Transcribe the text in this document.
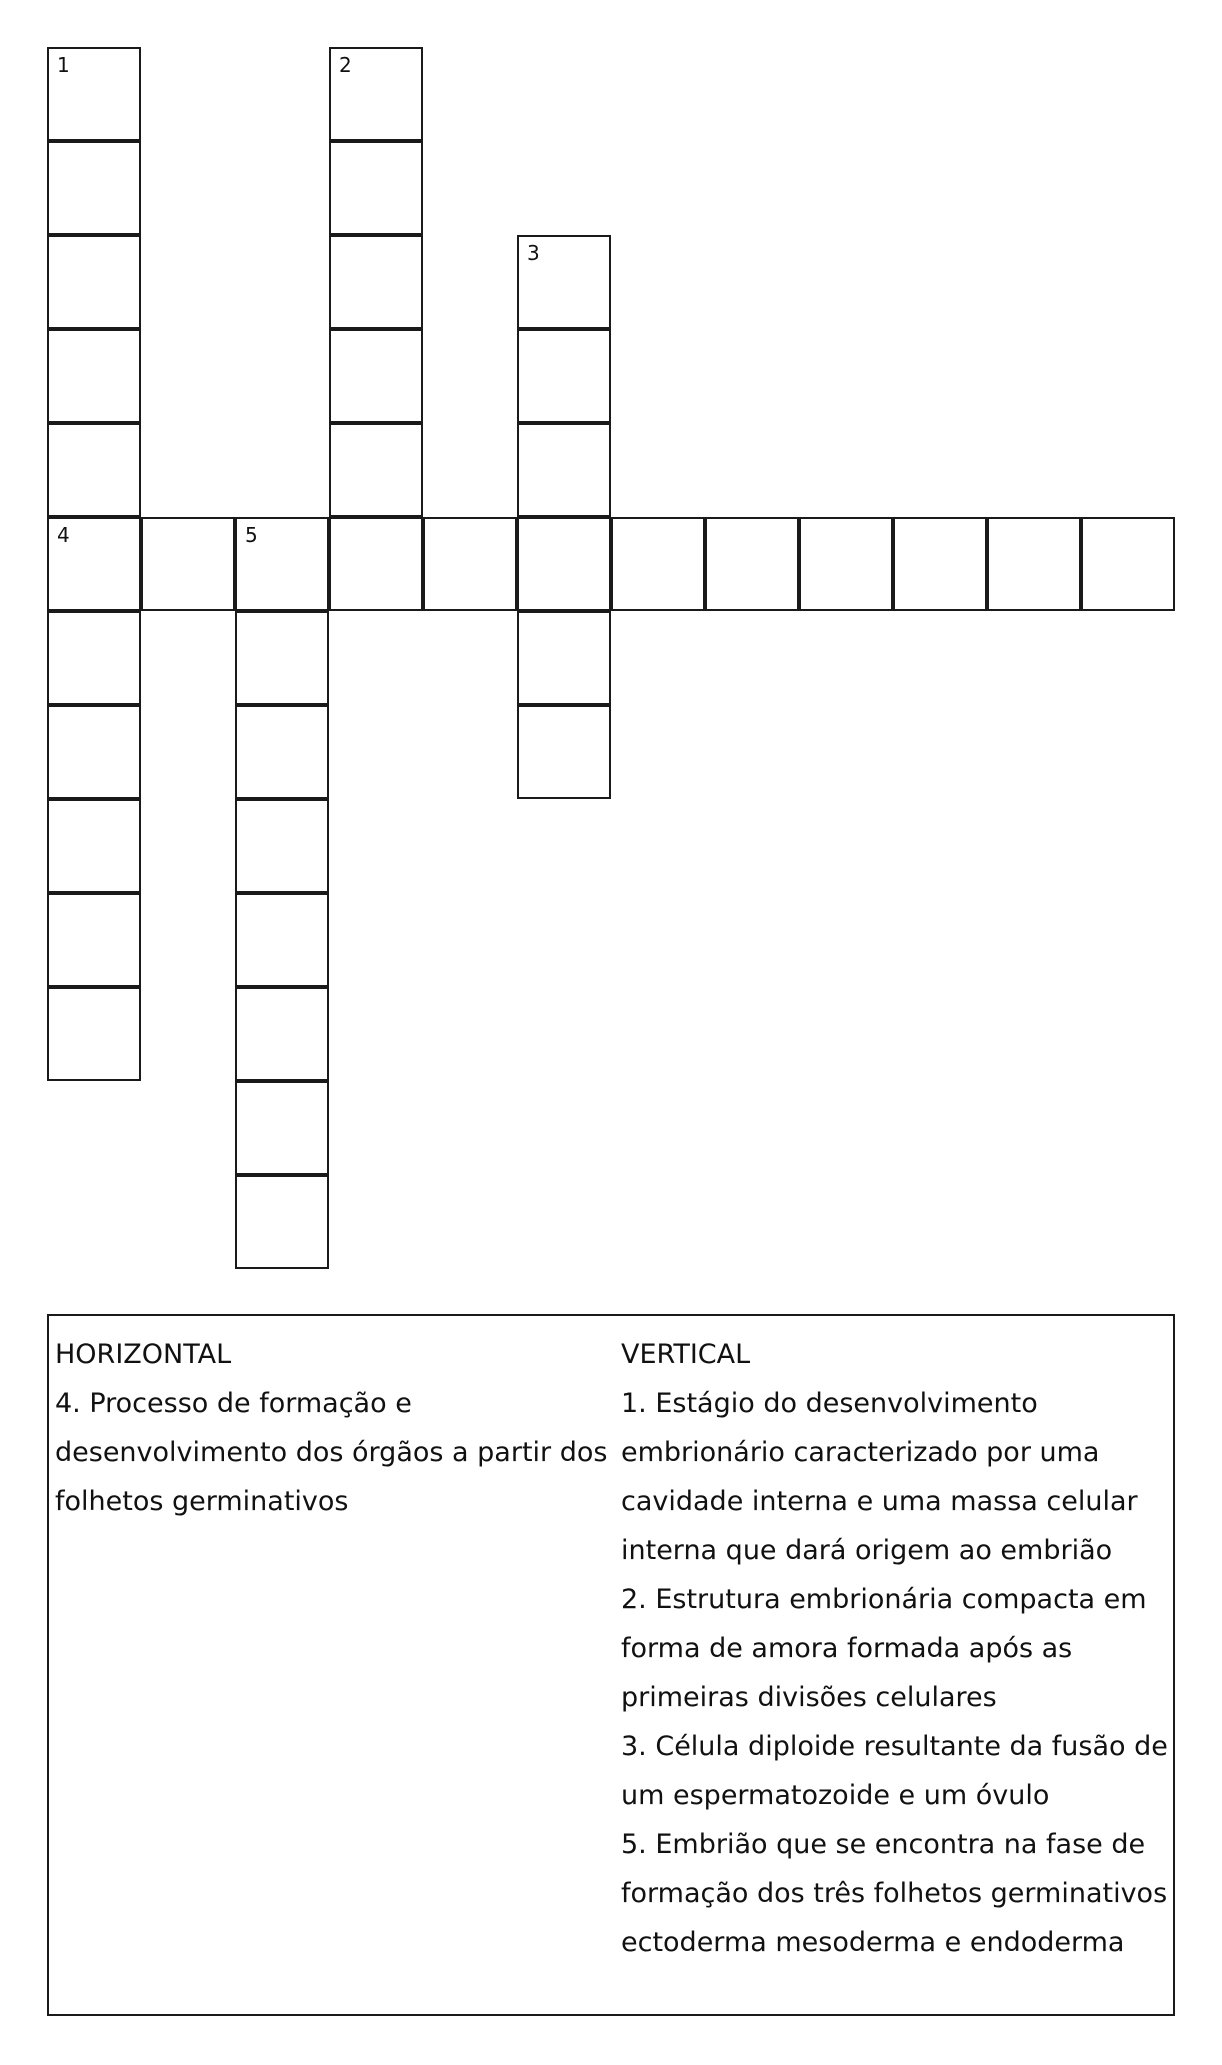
1
4
2
3
5
HORIZONTAL
4. Processo de formação e desenvolvimento dos órgãos a partir dos folhetos germinativos
VERTICAL
1. Estágio do desenvolvimento embrionário caracterizado por uma cavidade interna e uma massa celular interna que dará origem ao embrião
2. Estrutura embrionária compacta em forma de amora formada após as primeiras divisões celulares
3. Célula diploide resultante da fusão de um espermatozoide e um óvulo
5. Embrião que se encontra na fase de formação dos três folhetos germinativos ectoderma mesoderma e endoderma
